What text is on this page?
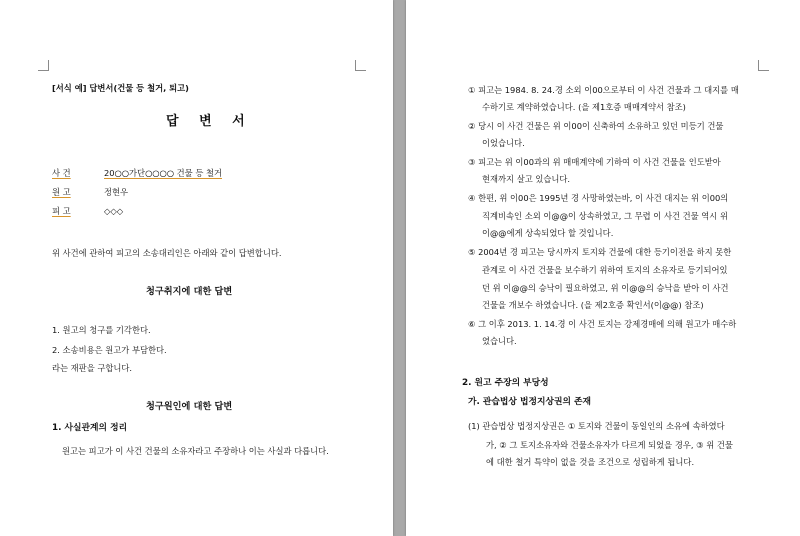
[서식 예] 답변서(건물 등 철거, 퇴고)
답 변 서
사 건	20○○가단○○○○ 건물 등 철거
원 고	정현우
피 고	◇◇◇
위 사건에 관하여 피고의 소송대리인은 아래와 같이 답변합니다.
청구취지에 대한 답변
1. 원고의 청구를 기각한다.
2. 소송비용은 원고가 부담한다.
라는 재판을 구합니다.
청구원인에 대한 답변
1. 사실관계의 정리
원고는 피고가 이 사건 건물의 소유자라고 주장하나 이는 사실과 다릅니다.
① 피고는 1984. 8. 24.경 소외 이00으로부터 이 사건 건물과 그 대지를 매
수하기로 계약하였습니다. (을 제1호증 매매계약서 참조)
② 당시 이 사건 건물은 위 이00이 신축하여 소유하고 있던 미등기 건물
이었습니다.
③ 피고는 위 이00과의 위 매매계약에 기하여 이 사건 건물을 인도받아
현재까지 살고 있습니다.
④ 한편, 위 이00은 1995년 경 사망하였는바, 이 사건 대지는 위 이00의
직계비속인 소외 이@@이 상속하였고, 그 무렵 이 사건 건물 역시 위
이@@에게 상속되었다 할 것입니다.
⑤ 2004년 경 피고는 당시까지 토지와 건물에 대한 등기이전을 하지 못한
관계로 이 사건 건물을 보수하기 위하여 토지의 소유자로 등기되어있
던 위 이@@의 승낙이 필요하였고, 위 이@@의 승낙을 받아 이 사건
건물을 개보수 하였습니다. (을 제2호증 확인서(이@@) 참조)
⑥ 그 이후 2013. 1. 14.경 이 사건 토지는 강제경매에 의해 원고가 매수하
였습니다.
2. 원고 주장의 부당성
가. 관습법상 법정지상권의 존재
(1) 관습법상 법정지상권은 ① 토지와 건물이 동일인의 소유에 속하였다
가, ② 그 토지소유자와 건물소유자가 다르게 되었을 경우, ③ 위 건물
에 대한 철거 특약이 없을 것을 조건으로 성립하게 됩니다.
